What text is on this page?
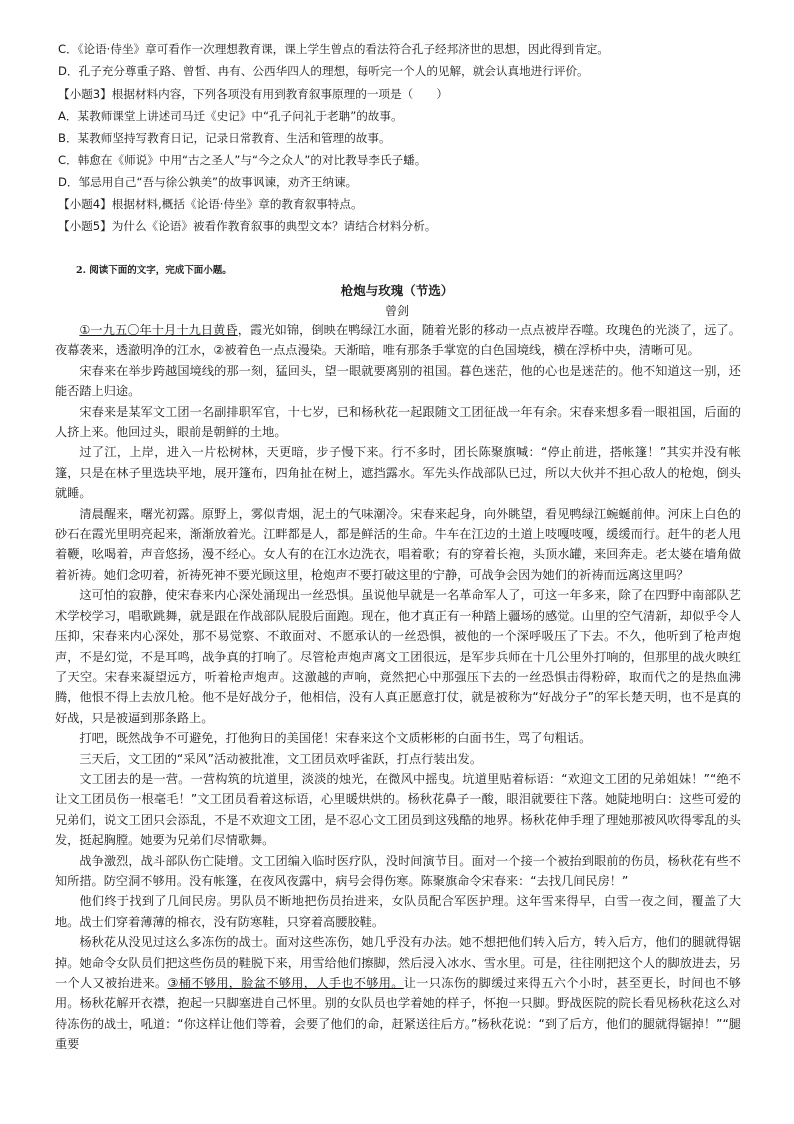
C．《论语·侍坐》章可看作一次理想教育课，课上学生曾点的看法符合孔子经邦济世的思想，因此得到肯定。
D．孔子充分尊重子路、曾皙、冉有、公西华四人的理想，每听完一个人的见解，就会认真地进行评价。
【小题3】根据材料内容，下列各项没有用到教育叙事原理的一项是（　　）
A．某教师课堂上讲述司马迁《史记》中“孔子问礼于老聃”的故事。
B．某教师坚持写教育日记，记录日常教育、生活和管理的故事。
C．韩愈在《师说》中用“古之圣人”与“今之众人”的对比教导李氏子蟠。
D．邹忌用自己“吾与徐公孰美”的故事讽谏，劝齐王纳谏。
【小题4】根据材料,概括《论语·侍坐》章的教育叙事特点。
【小题5】为什么《论语》被看作教育叙事的典型文本？请结合材料分析。
2. 阅读下面的文字，完成下面小题。
枪炮与玫瑰（节选）
曾剑

①一九五〇年十月十九日黄昏，霞光如锦，倒映在鸭绿江水面，随着光影的移动一点点被岸吞噬。玫瑰色的光淡了，远了。夜幕袭来，透澈明净的江水，②被着色一点点漫染。天渐暗，唯有那条手掌宽的白色国境线，横在浮桥中央，清晰可见。

宋春来在举步跨越国境线的那一刻，猛回头，望一眼就要离别的祖国。暮色迷茫，他的心也是迷茫的。他不知道这一别，还能否踏上归途。

宋春来是某军文工团一名副排职军官，十七岁，已和杨秋花一起跟随文工团征战一年有余。宋春来想多看一眼祖国，后面的人挤上来。他回过头，眼前是朝鲜的土地。

过了江，上岸，进入一片松树林，天更暗，步子慢下来。行不多时，团长陈聚旗喊：“停止前进，搭帐篷！”其实并没有帐篷，只是在林子里选块平地，展开篷布，四角扯在树上，遮挡露水。军先头作战部队已过，所以大伙并不担心敌人的枪炮，倒头就睡。

清晨醒来，曙光初露。原野上，雾似青烟，泥土的气味潮冷。宋春来起身，向外眺望，看见鸭绿江蜿蜒前伸。河床上白色的砂石在霞光里明亮起来，渐渐放着光。江畔都是人，都是鲜活的生命。牛车在江边的土道上吱嘎吱嘎，缓缓而行。赶牛的老人甩着鞭，吆喝着，声音悠扬，漫不经心。女人有的在江水边洗衣，唱着歌；有的穿着长袍，头顶水罐，来回奔走。老太婆在墙角做着祈祷。她们念叨着，祈祷死神不要光顾这里，枪炮声不要打破这里的宁静，可战争会因为她们的祈祷而远离这里吗？

这可怕的寂静，使宋春来内心深处涌现出一丝恐惧。虽说他早就是一名革命军人了，可这一年多来，除了在四野中南部队艺术学校学习，唱歌跳舞，就是跟在作战部队屁股后面跑。现在，他才真正有一种踏上疆场的感觉。山里的空气清新，却似乎令人压抑，宋春来内心深处，那不易觉察、不敢面对、不愿承认的一丝恐惧，被他的一个深呼吸压了下去。不久，他听到了枪声炮声，不是幻觉，不是耳鸣，战争真的打响了。尽管枪声炮声离文工团很远，是军步兵师在十几公里外打响的，但那里的战火映红了天空。宋春来凝望远方，听着枪声炮声。这激越的声响，竟然把心中那强压下去的一丝恐惧击得粉碎，取而代之的是热血沸腾，他恨不得上去放几枪。他不是好战分子，他相信，没有人真正愿意打仗，就是被称为“好战分子”的军长楚天明，也不是真的好战，只是被逼到那条路上。

打吧，既然战争不可避免，打他狗日的美国佬！宋春来这个文质彬彬的白面书生，骂了句粗话。

三天后，文工团的“采风”活动被批准，文工团员欢呼雀跃，打点行装出发。

文工团去的是一营。一营构筑的坑道里，淡淡的烛光，在微风中摇曳。坑道里贴着标语：“欢迎文工团的兄弟姐妹！”“绝不让文工团员伤一根毫毛！”文工团员看着这标语，心里暖烘烘的。杨秋花鼻子一酸，眼泪就要往下落。她陡地明白：这些可爱的兄弟们，说文工团只会添乱，不是不欢迎文工团，是不忍心文工团员到这残酷的地界。杨秋花伸手理了理她那被风吹得零乱的头发，挺起胸膛。她要为兄弟们尽情歌舞。

战争激烈，战斗部队伤亡陡增。文工团编入临时医疗队，没时间演节目。面对一个接一个被抬到眼前的伤员，杨秋花有些不知所措。防空洞不够用。没有帐篷，在夜风夜露中，病号会得伤寒。陈聚旗命令宋春来：“去找几间民房！”

他们终于找到了几间民房。男队员不断地把伤员抬进来，女队员配合军医护理。这年雪来得早，白雪一夜之间，覆盖了大地。战士们穿着薄薄的棉衣，没有防寒鞋，只穿着高腰胶鞋。

杨秋花从没见过这么多冻伤的战士。面对这些冻伤，她几乎没有办法。她不想把他们转入后方，转入后方，他们的腿就得锯掉。她命令女队员们把这些伤员的鞋脱下来，用雪给他们擦脚，然后浸入冰水、雪水里。可是，往往刚把这个人的脚放进去，另一个人又被抬进来。③桶不够用，脸盆不够用，人手也不够用。让一只冻伤的脚缓过来得五六个小时，甚至更长，时间也不够用。杨秋花解开衣襟，抱起一只脚塞进自己怀里。别的女队员也学着她的样子，怀抱一只脚。野战医院的院长看见杨秋花这么对待冻伤的战士，吼道：“你这样让他们等着，会要了他们的命，赶紧送往后方。”杨秋花说：“到了后方，他们的腿就得锯掉！”“腿重要
